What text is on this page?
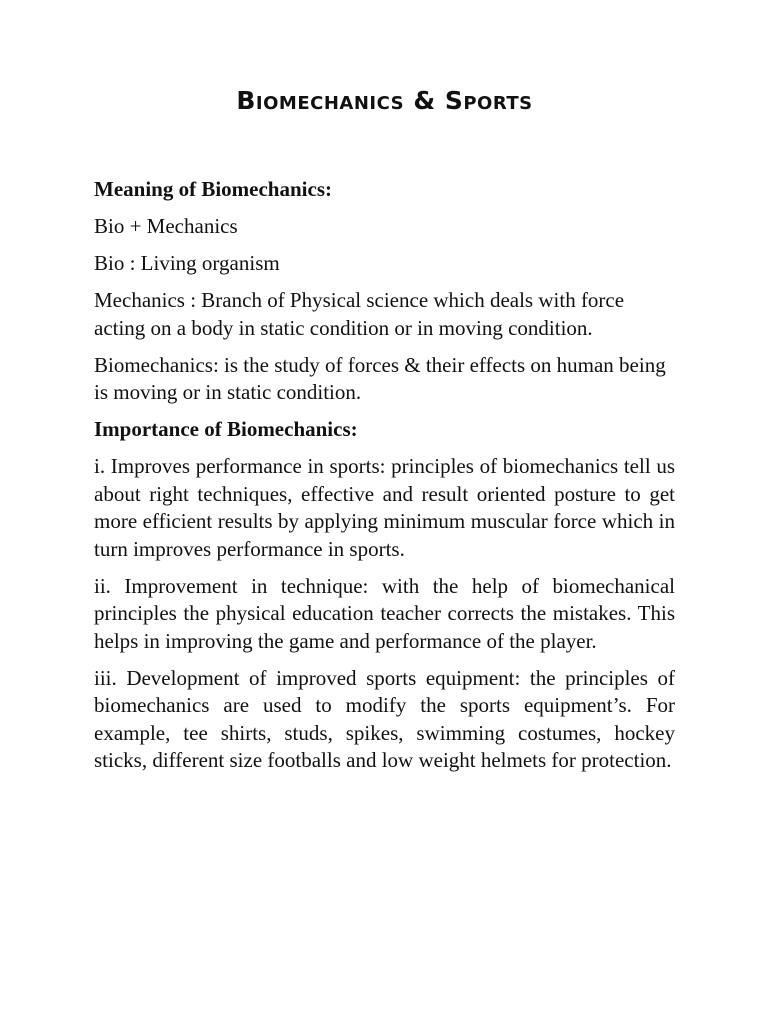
Biomechanics & Sports

Meaning of Biomechanics:

Bio + Mechanics

Bio : Living organism

Mechanics : Branch of Physical science which deals with force acting on a body in static condition or in moving condition.

Biomechanics: is the study of forces & their effects on human being is moving or in static condition.

Importance of Biomechanics:

i. Improves performance in sports: principles of biomechanics tell us about right techniques, effective and result oriented posture to get more efficient results by applying minimum muscular force which in turn improves performance in sports.

ii. Improvement in technique: with the help of biomechanical principles the physical education teacher corrects the mistakes. This helps in improving the game and performance of the player.

iii. Development of improved sports equipment: the principles of biomechanics are used to modify the sports equipment’s. For example, tee shirts, studs, spikes, swimming costumes, hockey sticks, different size footballs and low weight helmets for protection.
